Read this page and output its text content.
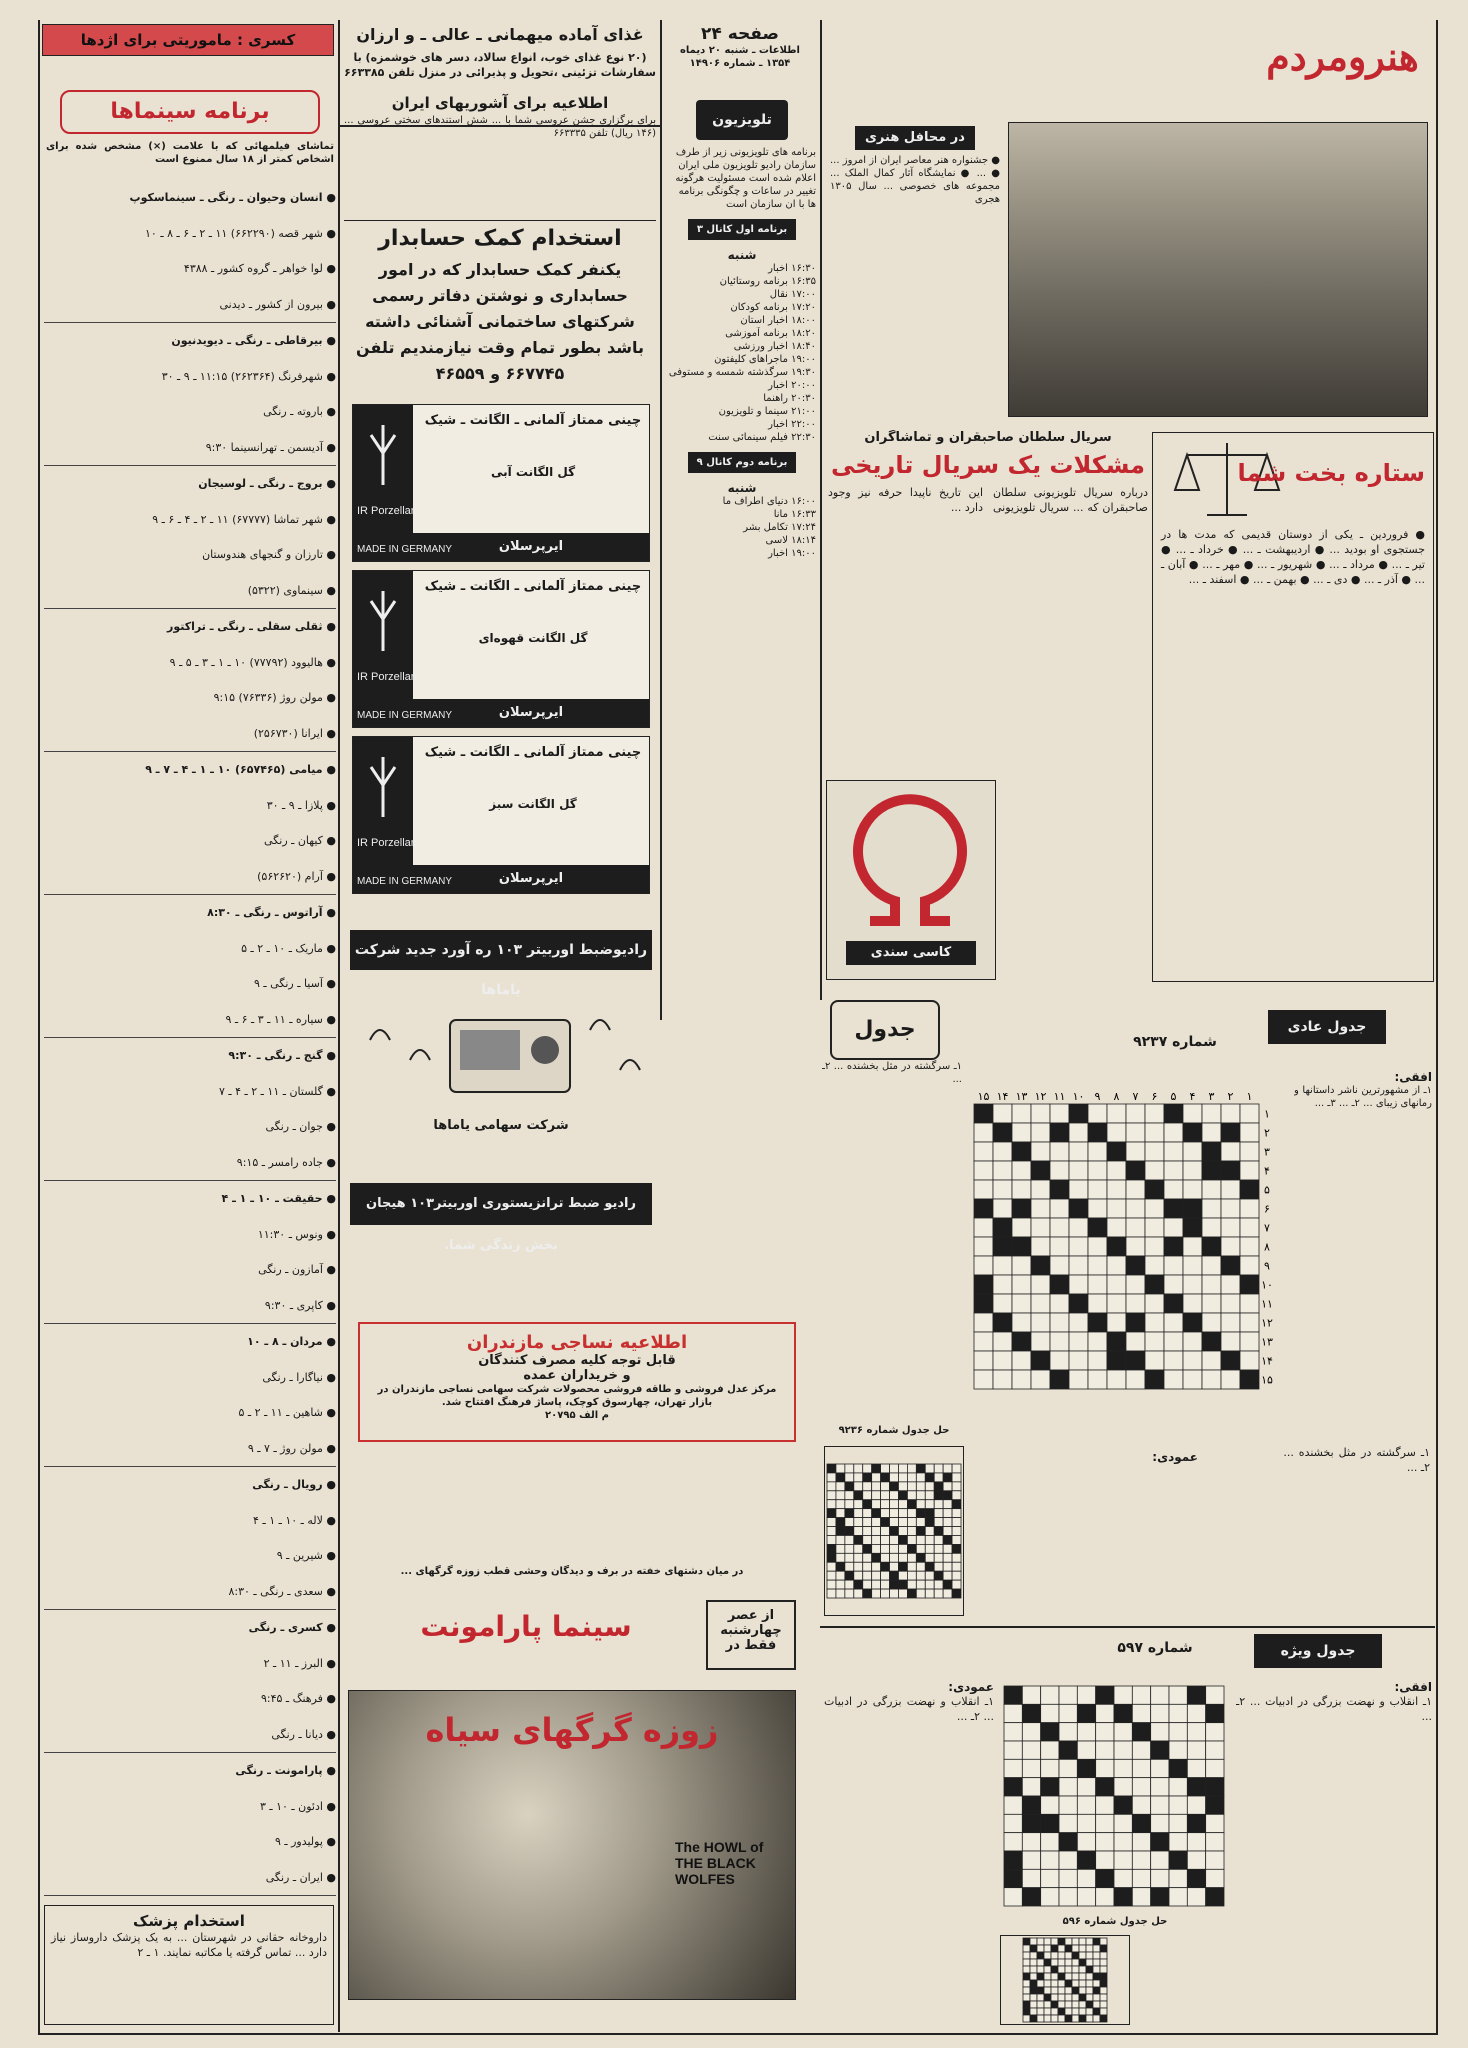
هنرومردم
صفحه ۲۴
اطلاعات ـ شنبه ۲۰ دیماه
۱۳۵۴ ـ شماره ۱۴۹۰۶
کسری : ماموریتی برای اژدها	غذای آماده میهمانی ـ عالی ـ و ارزان
(۲۰ نوع غذای خوب، انواع سالاد، دسر های خوشمزه) با سفارشات تزئینی ،تحویل و پذیرائی در منزل تلفن ۶۶۳۳۸۵
اطلاعیه برای آشوریهای ایران
برای برگزاری جشن عروسی شما با ... شش استندهای سختی عروسی ... (۱۴۶ ریال) تلفن ۶۶۳۳۳۵
استخدام کمک حسابدار
یکنفر کمک حسابدار که در امور حسابداری و نوشتن دفاتر رسمی شرکتهای ساختمانی آشنائی داشته باشد بطور تمام وقت نیازمندیم تلفن ۶۶۷۷۴۵ و ۴۶۵۵۹
IR Porzellan
چینی ممتاز آلمانی ـ الگانت ـ شیک
گل الگانت آبی
ایرپرسلان
MADE IN GERMANY
IR Porzellan
چینی ممتاز آلمانی ـ الگانت ـ شیک
گل الگانت قهوه‌ای
ایرپرسلان
MADE IN GERMANY
IR Porzellan
چینی ممتاز آلمانی ـ الگانت ـ شیک
گل الگانت سبز
ایرپرسلان
MADE IN GERMANY
رادیوضبط اوربیتر ۱۰۳ ره آورد جدید شرکت یاماها
شرکت سهامی یاماها
رادیو ضبط ترانزیستوری اوربیتر۱۰۳ هیجان بخش زندگی شما.
اطلاعیه نساجی مازندران
قابل توجه کلیه مصرف کنندگان
و خریداران عمده
مرکز عدل فروشی و طاقه فروشی محصولات شرکت سهامی نساجی مازندران در بازار تهران، چهارسوق کوچک، پاساژ فرهنگ افتتاح شد.
م الف ۲۰۷۹۵
در میان دشتهای خفته در برف و دیدگان وحشی قطب زوزه گرگهای ...
از عصر چهارشنبه فقط در
سینما پارامونت
زوزه گرگهای سیاه
The HOWL of THE BLACK WOLFES
تلویزیون
برنامه های تلویزیونی زیر از طرف سازمان رادیو تلویزیون ملی ایران اعلام شده است مسئولیت هرگونه تغییر در ساعات و چگونگی برنامه ها با ان سازمان است
برنامه اول کانال ۳
شنبه
۱۶:۳۰ اخبار
۱۶:۳۵ برنامه روستائیان
۱۷:۰۰ نقال
۱۷:۲۰ برنامه کودکان
۱۸:۰۰ اخبار استان
۱۸:۲۰ برنامه آموزشی
۱۸:۴۰ اخبار ورزشی
۱۹:۰۰ ماجراهای کلیفتون
۱۹:۳۰ سرگذشته شمسه و مستوفی
۲۰:۰۰ اخبار
۲۰:۳۰ راهنما
۲۱:۰۰ سینما و تلویزیون
۲۲:۰۰ اخبار
۲۲:۳۰ فیلم سینمائی سنت
برنامه دوم کانال ۹
شنبه
۱۶:۰۰ دنیای اطراف ما
۱۶:۳۳ مانا
۱۷:۲۴ تکامل بشر
۱۸:۱۴ لاسی
۱۹:۰۰ اخبار
در محافل هنری
● جشنواره هنر معاصر ایران از امروز ... ● ... ● نمایشگاه آثار کمال الملک ... مجموعه های خصوصی ... سال ۱۳۰۵ هجری
سریال سلطان صاحبقران و تماشاگران
مشکلات یک سریال تاریخی
درباره سریال تلویزیونی سلطان صاحبقران که ... سریال تلویزیونی این تاریخ ناپیدا حرفه نیز وجود دارد ...
ستاره بخت شما
● فروردین ـ یکی از دوستان قدیمی که مدت ها در جستجوی او بودید ... ● اردیبهشت ـ ... ● خرداد ـ ... ● تیر ـ ... ● مرداد ـ ... ● شهریور ـ ... ● مهر ـ ... ● آبان ـ ... ● آذر ـ ... ● دی ـ ... ● بهمن ـ ... ● اسفند ـ ...
کاسی سندی
جدول	جدول عادی
شماره ۹۲۳۷
۱
۱
۲
۲
۳
۳
۴
۴
۵
۵
۶
۶
۷
۷
۸
۸
۹
۹
۱۰
۱۰
۱۱
۱۱
۱۲
۱۲
۱۳
۱۳
۱۴
۱۴
۱۵
۱۵
افقی:
۱ـ از مشهورترین ناشر داستانها و رمانهای زیبای ... ۲ـ ... ۳ـ ...
۱ـ سرگشته در مثل بخشنده ... ۲ـ ...
عمودی:
حل جدول شماره ۹۲۳۶
۱ـ سرگشته در مثل بخشنده ... ۲ـ ...
جدول ویژه
شماره ۵۹۷
افقی:
۱ـ انقلاب و نهضت بزرگی در ادبیات ... ۲ـ ...
حل جدول شماره ۵۹۶
عمودی:
۱ـ انقلاب و نهضت بزرگی در ادبیات ... ۲ـ ...
برنامه سینماها
تماشای فیلمهائی که با علامت (×) مشخص شده برای اشخاص کمتر از ۱۸ سال ممنوع است
● انسان وحیوان ـ رنگی ـ سینماسکوپ
● شهر قصه (۶۶۲۲۹۰) ۱۱ ـ ۲ ـ ۶ ـ ۸ ـ ۱۰
● لوا خواهر ـ گروه کشور ـ ۴۳۸۸
● بیرون از کشور ـ دیدنی
● بیرقاطی ـ رنگی ـ دیویدنیون
● شهرفرنگ (۲۶۲۳۶۴) ۱۱:۱۵ ـ ۹ ـ ۳۰
● باروته ـ رنگی
● آدیسمن ـ تهرانسینما ۹:۳۰
● بروج ـ رنگی ـ لوسیجان
● شهر تماشا (۶۷۷۷۷) ۱۱ ـ ۲ ـ ۴ ـ ۶ ـ ۹
● تارزان و گنجهای هندوستان
● سینماوی (۵۳۲۲)
● ثقلی سقلی ـ رنگی ـ تراکتور
● هالیوود (۷۷۷۹۲) ۱۰ ـ ۱ ـ ۳ ـ ۵ ـ ۹
● مولن روژ (۷۶۳۳۶) ۹:۱۵
● ایرانا (۲۵۶۷۳۰)
● میامی (۶۵۷۴۶۵) ۱۰ ـ ۱ ـ ۴ ـ ۷ ـ ۹
● پلازا ـ ۹ ـ ۳۰
● کیهان ـ رنگی
● آرام (۵۶۲۶۲۰)
● آراتوس ـ رنگی ـ ۸:۳۰
● ماریک ـ ۱۰ ـ ۲ ـ ۵
● آسیا ـ رنگی ـ ۹
● سیاره ـ ۱۱ ـ ۳ ـ ۶ ـ ۹
● گنج ـ رنگی ـ ۹:۳۰
● گلستان ـ ۱۱ ـ ۲ ـ ۴ ـ ۷
● جوان ـ رنگی
● جاده رامسر ـ ۹:۱۵
● حقیقت ـ ۱۰ ـ ۱ ـ ۴
● ونوس ـ ۱۱:۳۰
● آمازون ـ رنگی
● کاپری ـ ۹:۳۰
● مردان ـ ۸ ـ ۱۰
● نیاگارا ـ رنگی
● شاهین ـ ۱۱ ـ ۲ ـ ۵
● مولن روژ ـ ۷ ـ ۹
● رویال ـ رنگی
● لاله ـ ۱۰ ـ ۱ ـ ۴
● شیرین ـ ۹
● سعدی ـ رنگی ـ ۸:۳۰
● کسری ـ رنگی
● البرز ـ ۱۱ ـ ۲
● فرهنگ ـ ۹:۴۵
● دیانا ـ رنگی
● پارامونت ـ رنگی
● ادئون ـ ۱۰ ـ ۳
● پولیدور ـ ۹
● ایران ـ رنگی
استخدام پزشک
داروخانه حقانی در شهرستان ... به یک پزشک داروساز نیاز دارد ... تماس گرفته یا مکاتبه نمایند. ۱ ـ ۲
